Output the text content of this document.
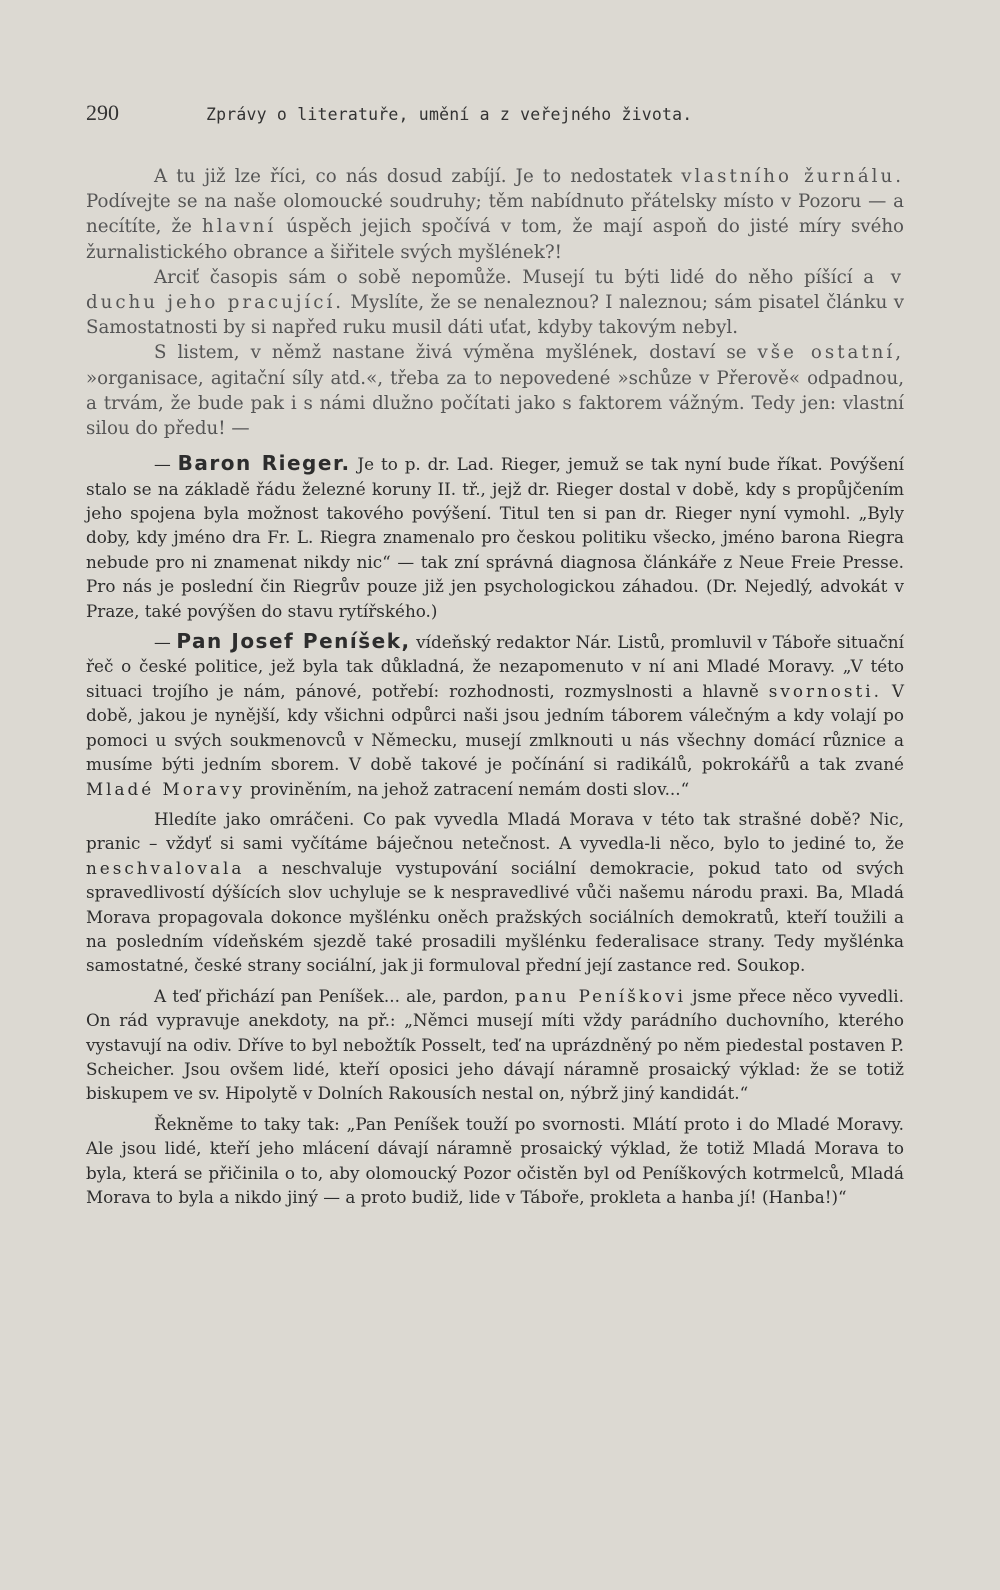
290	Zprávy o literatuře, umění a z veřejného života.

A tu již lze říci, co nás dosud zabíjí. Je to nedostatek vlastního žurnálu. Podívejte se na naše olomoucké soudruhy; těm nabídnuto přátelsky místo v Pozoru — a necítíte, že hlavní úspěch jejich spočívá v tom, že mají aspoň do jisté míry svého žurnalistického obrance a šiřitele svých myšlének?!

Arciť časopis sám o sobě nepomůže. Musejí tu býti lidé do něho píšící a v duchu jeho pracující. Myslíte, že se nenaleznou? I naleznou; sám pisatel článku v Samostatnosti by si napřed ruku musil dáti uťat, kdyby takovým nebyl.

S listem, v němž nastane živá výměna myšlének, dostaví se vše ostatní, »organisace, agitační síly atd.«, třeba za to nepovedené »schůze v Přerově« odpadnou, a trvám, že bude pak i s námi dlužno počítati jako s faktorem vážným. Tedy jen: vlastní silou do předu! —

— Baron Rieger. Je to p. dr. Lad. Rieger, jemuž se tak nyní bude říkat. Povýšení stalo se na základě řádu železné koruny II. tř., jejž dr. Rieger dostal v době, kdy s propůjčením jeho spojena byla možnost takového povýšení. Titul ten si pan dr. Rieger nyní vymohl. „Byly doby, kdy jméno dra Fr. L. Riegra znamenalo pro českou politiku všecko, jméno barona Riegra nebude pro ni znamenat nikdy nic“ — tak zní správná diagnosa článkáře z Neue Freie Presse. Pro nás je poslední čin Riegrův pouze již jen psychologickou záhadou. (Dr. Nejedlý, advokát v Praze, také povýšen do stavu rytířského.)

— Pan Josef Peníšek, vídeňský redaktor Nár. Listů, promluvil v Táboře situační řeč o české politice, jež byla tak důkladná, že nezapomenuto v ní ani Mladé Moravy. „V této situaci trojího je nám, pánové, potřebí: rozhodnosti, rozmyslnosti a hlavně svornosti. V době, jakou je nynější, kdy všichni odpůrci naši jsou jedním táborem válečným a kdy volají po pomoci u svých soukmenovců v Německu, musejí zmlknouti u nás všechny domácí různice a musíme býti jedním sborem. V době takové je počínání si radikálů, pokrokářů a tak zvané Mladé Moravy proviněním, na jehož zatracení nemám dosti slov...“

Hledíte jako omráčeni. Co pak vyvedla Mladá Morava v této tak strašné době? Nic, pranic – vždyť si sami vyčítáme báječnou netečnost. A vyvedla-li něco, bylo to jediné to, že neschvalovala a neschvaluje vystupování sociální demokracie, pokud tato od svých spravedlivostí dýšících slov uchyluje se k nespravedlivé vůči našemu národu praxi. Ba, Mladá Morava propagovala dokonce myšlénku oněch pražských sociálních demokratů, kteří toužili a na posledním vídeňském sjezdě také prosadili myšlénku federalisace strany. Tedy myšlénka samostatné, české strany sociální, jak ji formuloval přední její zastance red. Soukop.

A teď přichází pan Peníšek... ale, pardon, panu Peníškovi jsme přece něco vyvedli. On rád vypravuje anekdoty, na př.: „Němci musejí míti vždy parádního duchovního, kterého vystavují na odiv. Dříve to byl nebožtík Posselt, teď na uprázdněný po něm piedestal postaven P. Scheicher. Jsou ovšem lidé, kteří oposici jeho dávají náramně prosaický výklad: že se totiž biskupem ve sv. Hipolytě v Dolních Rakousích nestal on, nýbrž jiný kandidát.“

Řekněme to taky tak: „Pan Peníšek touží po svornosti. Mlátí proto i do Mladé Moravy. Ale jsou lidé, kteří jeho mlácení dávají náramně prosaický výklad, že totiž Mladá Morava to byla, která se přičinila o to, aby olomoucký Pozor očistěn byl od Peníškových kotrmelců, Mladá Morava to byla a nikdo jiný — a proto budiž, lide v Táboře, prokleta a hanba jí! (Hanba!)“
